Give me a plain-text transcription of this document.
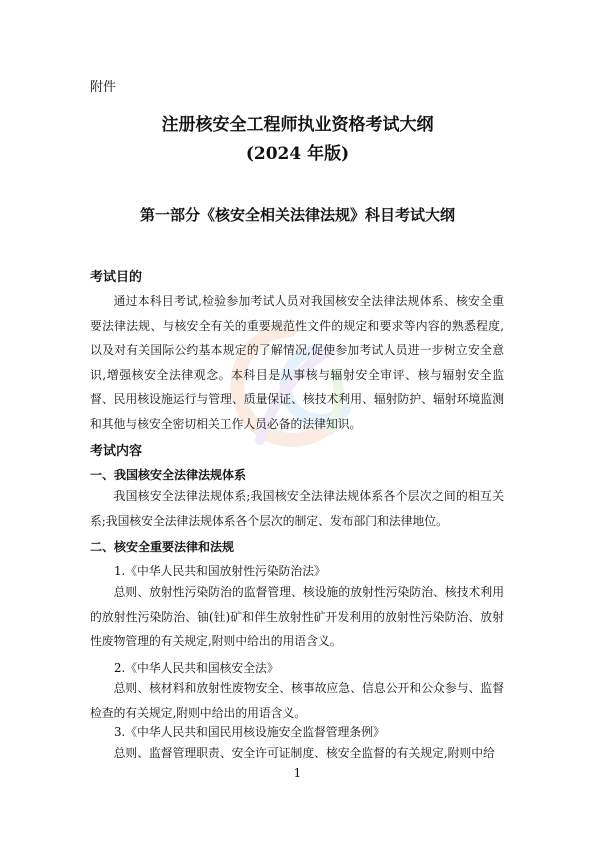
附件
注册核安全工程师执业资格考试大纲
(2024 年版)
第一部分《核安全相关法律法规》科目考试大纲
考试目的

通过本科目考试,检验参加考试人员对我国核安全法律法规体系、核安全重要法律法规、与核安全有关的重要规范性文件的规定和要求等内容的熟悉程度,以及对有关国际公约基本规定的了解情况,促使参加考试人员进一步树立安全意识,增强核安全法律观念。本科目是从事核与辐射安全审评、核与辐射安全监督、民用核设施运行与管理、质量保证、核技术利用、辐射防护、辐射环境监测和其他与核安全密切相关工作人员必备的法律知识。

考试内容
一、我国核安全法律法规体系

我国核安全法律法规体系;我国核安全法律法规体系各个层次之间的相互关系;我国核安全法律法规体系各个层次的制定、发布部门和法律地位。

二、核安全重要法律和法规
1.《中华人民共和国放射性污染防治法》

总则、放射性污染防治的监督管理、核设施的放射性污染防治、核技术利用的放射性污染防治、铀(钍)矿和伴生放射性矿开发利用的放射性污染防治、放射性废物管理的有关规定,附则中给出的用语含义。

2.《中华人民共和国核安全法》

总则、核材料和放射性废物安全、核事故应急、信息公开和公众参与、监督检查的有关规定,附则中给出的用语含义。

3.《中华人民共和国民用核设施安全监督管理条例》

总则、监督管理职责、安全许可证制度、核安全监督的有关规定,附则中给

1
